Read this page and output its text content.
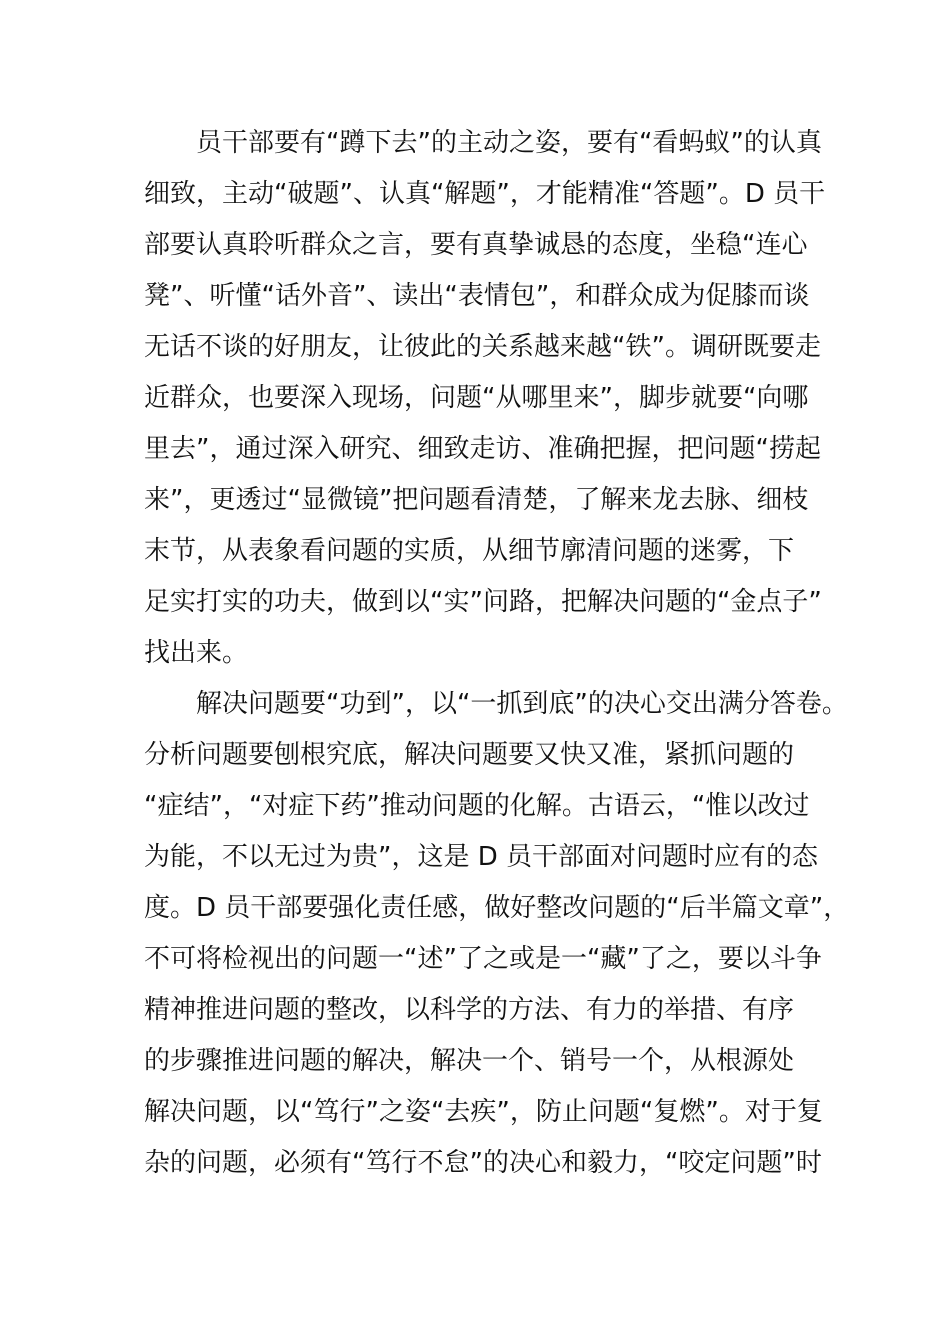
员干部要有“蹲下去”的主动之姿，要有“看蚂蚁”的认真
细致，主动“破题”、认真“解题”，才能精准“答题”。D 员干
部要认真聆听群众之言，要有真挚诚恳的态度，坐稳“连心
凳”、听懂“话外音”、读出“表情包”，和群众成为促膝而谈
无话不谈的好朋友，让彼此的关系越来越“铁”。调研既要走
近群众，也要深入现场，问题“从哪里来”，脚步就要“向哪
里去”，通过深入研究、细致走访、准确把握，把问题“捞起
来”，更透过“显微镜”把问题看清楚，了解来龙去脉、细枝
末节，从表象看问题的实质，从细节廓清问题的迷雾，下
足实打实的功夫，做到以“实”问路，把解决问题的“金点子”
找出来。
解决问题要“功到”，以“一抓到底”的决心交出满分答卷。
分析问题要刨根究底，解决问题要又快又准，紧抓问题的
“症结”，“对症下药”推动问题的化解。古语云，“惟以改过
为能，不以无过为贵”，这是 D 员干部面对问题时应有的态
度。D 员干部要强化责任感，做好整改问题的“后半篇文章”，
不可将检视出的问题一“述”了之或是一“藏”了之，要以斗争
精神推进问题的整改，以科学的方法、有力的举措、有序
的步骤推进问题的解决，解决一个、销号一个，从根源处
解决问题，以“笃行”之姿“去疾”，防止问题“复燃”。对于复
杂的问题，必须有“笃行不怠”的决心和毅力，“咬定问题”时
